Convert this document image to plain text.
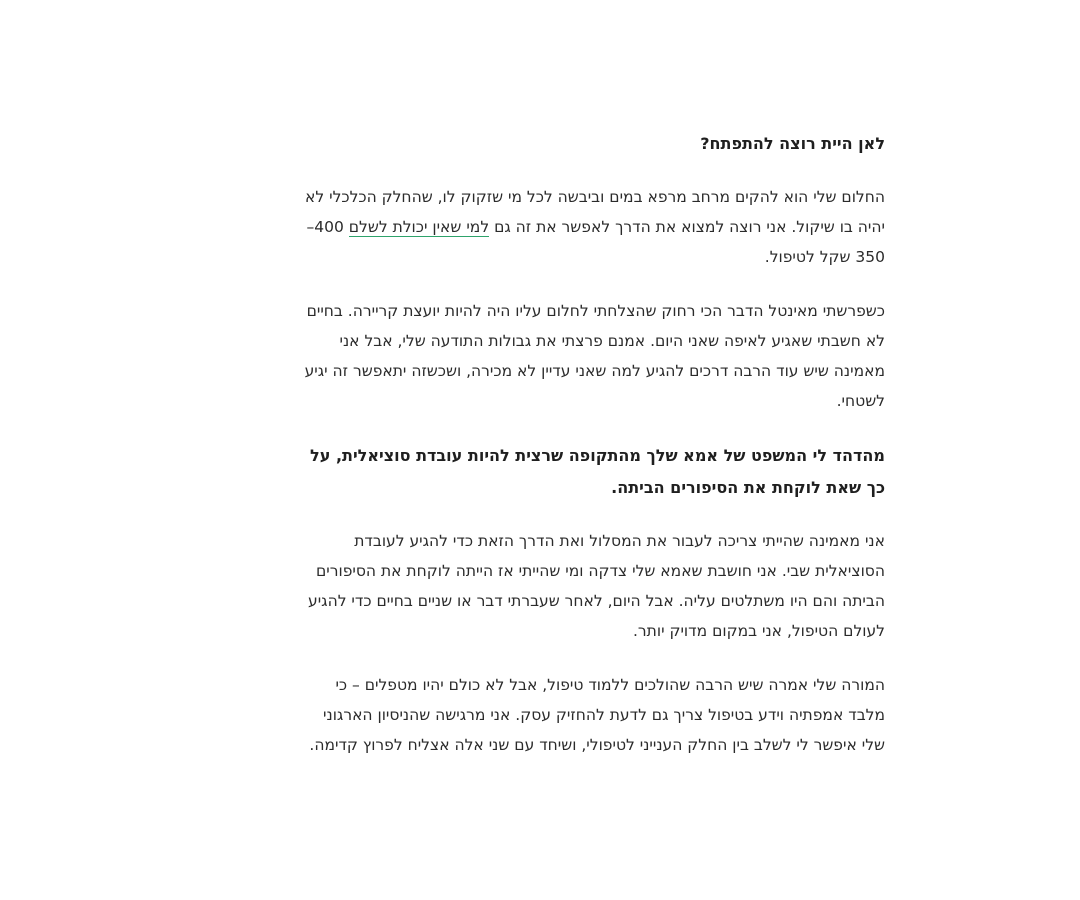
לאן היית רוצה להתפתח?

החלום שלי הוא להקים מרחב מרפא במים וביבשה לכל מי שזקוק לו, שהחלק הכלכלי לא יהיה בו שיקול. אני רוצה למצוא את הדרך לאפשר את זה גם למי שאין יכולת לשלם 400–350 שקל לטיפול.

כשפרשתי מאינטל הדבר הכי רחוק שהצלחתי לחלום עליו היה להיות יועצת קריירה. בחיים לא חשבתי שאגיע לאיפה שאני היום. אמנם פרצתי את גבולות התודעה שלי, אבל אני מאמינה שיש עוד הרבה דרכים להגיע למה שאני עדיין לא מכירה, ושכשזה יתאפשר זה יגיע לשטחי.

מהדהד לי המשפט של אמא שלך מהתקופה שרצית להיות עובדת סוציאלית, על כך שאת לוקחת את הסיפורים הביתה.

אני מאמינה שהייתי צריכה לעבור את המסלול ואת הדרך הזאת כדי להגיע לעובדת הסוציאלית שבי. אני חושבת שאמא שלי צדקה ומי שהייתי אז הייתה לוקחת את הסיפורים הביתה והם היו משתלטים עליה. אבל היום, לאחר שעברתי דבר או שניים בחיים כדי להגיע לעולם הטיפול, אני במקום מדויק יותר.

המורה שלי אמרה שיש הרבה שהולכים ללמוד טיפול, אבל לא כולם יהיו מטפלים – כי מלבד אמפתיה וידע בטיפול צריך גם לדעת להחזיק עסק. אני מרגישה שהניסיון הארגוני שלי איפשר לי לשלב בין החלק הענייני לטיפולי, ושיחד עם שני אלה אצליח לפרוץ קדימה.
